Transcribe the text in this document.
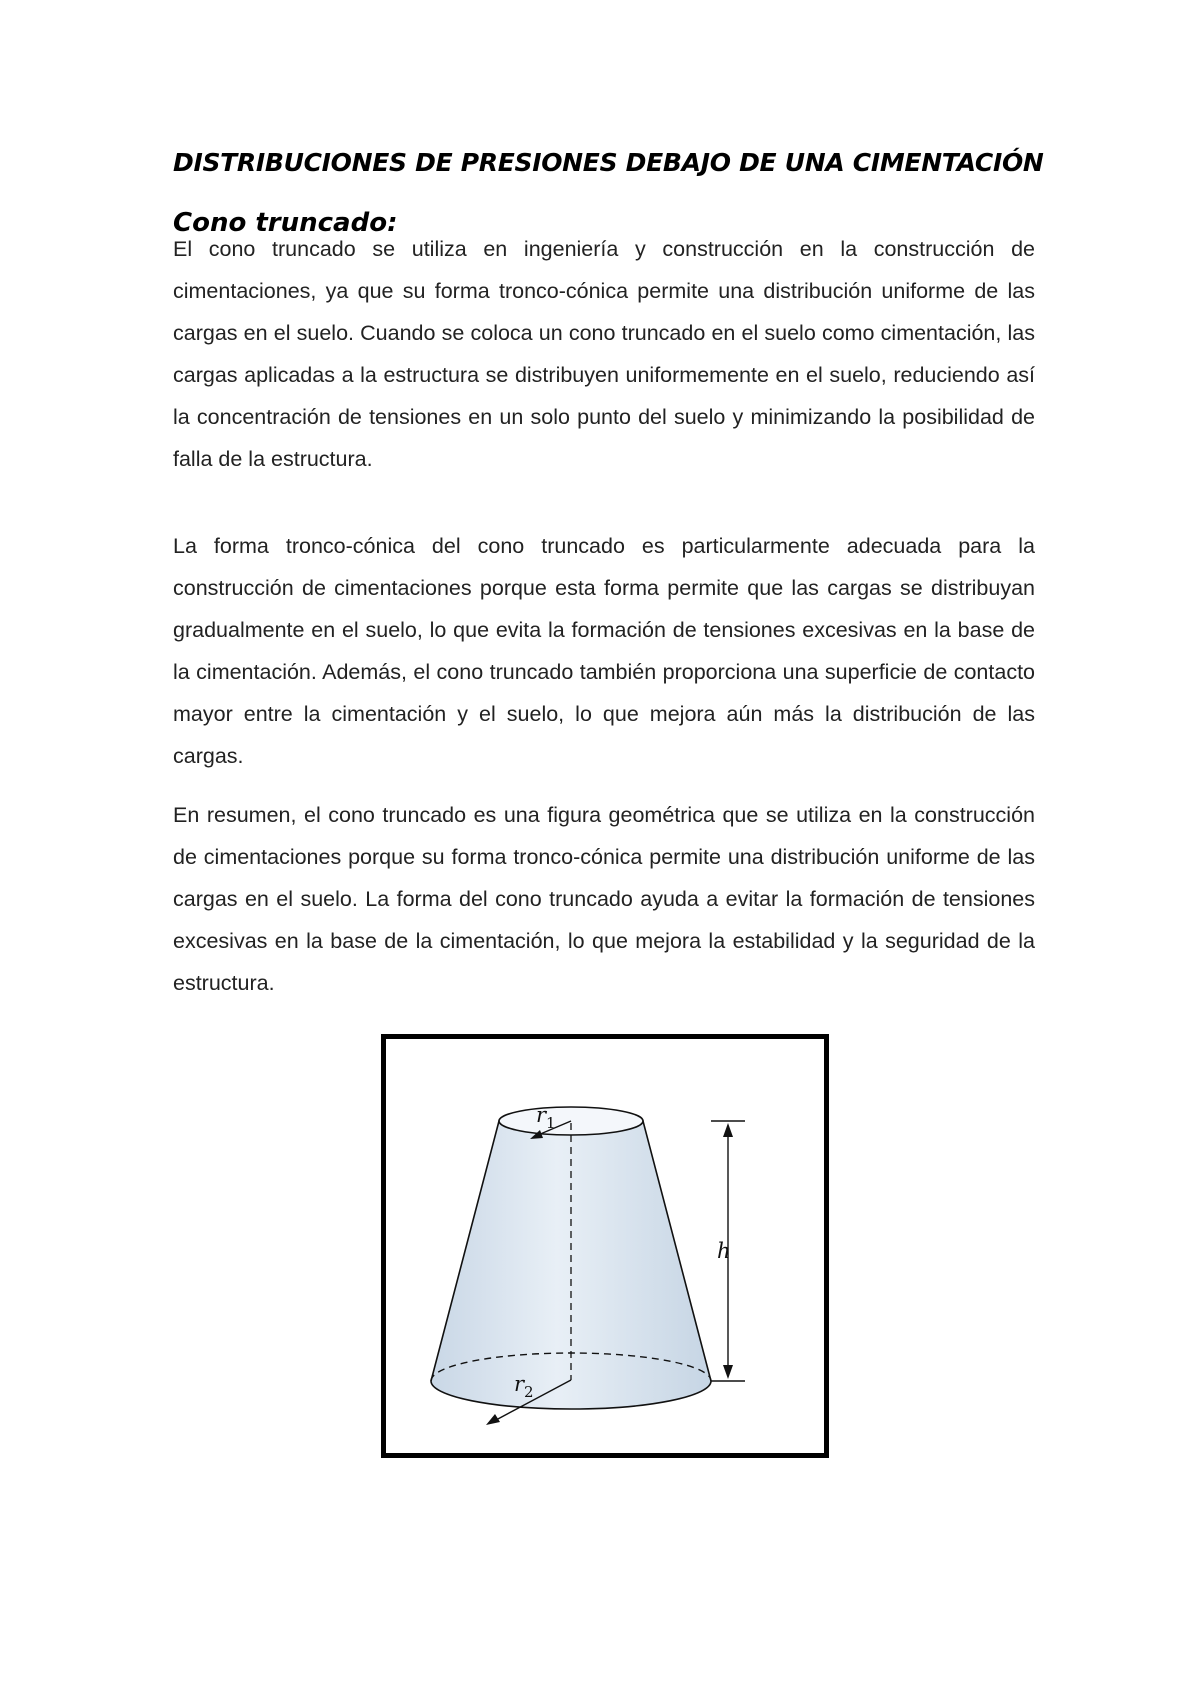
DISTRIBUCIONES DE PRESIONES DEBAJO DE UNA CIMENTACIÓN
Cono truncado:

El cono truncado se utiliza en ingeniería y construcción en la construcción de cimentaciones, ya que su forma tronco-cónica permite una distribución uniforme de las cargas en el suelo. Cuando se coloca un cono truncado en el suelo como cimentación, las cargas aplicadas a la estructura se distribuyen uniformemente en el suelo, reduciendo así la concentración de tensiones en un solo punto del suelo y minimizando la posibilidad de falla de la estructura.

La forma tronco-cónica del cono truncado es particularmente adecuada para la construcción de cimentaciones porque esta forma permite que las cargas se distribuyan gradualmente en el suelo, lo que evita la formación de tensiones excesivas en la base de la cimentación. Además, el cono truncado también proporciona una superficie de contacto mayor entre la cimentación y el suelo, lo que mejora aún más la distribución de las cargas.

En resumen, el cono truncado es una figura geométrica que se utiliza en la construcción de cimentaciones porque su forma tronco-cónica permite una distribución uniforme de las cargas en el suelo. La forma del cono truncado ayuda a evitar la formación de tensiones excesivas en la base de la cimentación, lo que mejora la estabilidad y la seguridad de la estructura.

$r_1$
$r_2$
h
